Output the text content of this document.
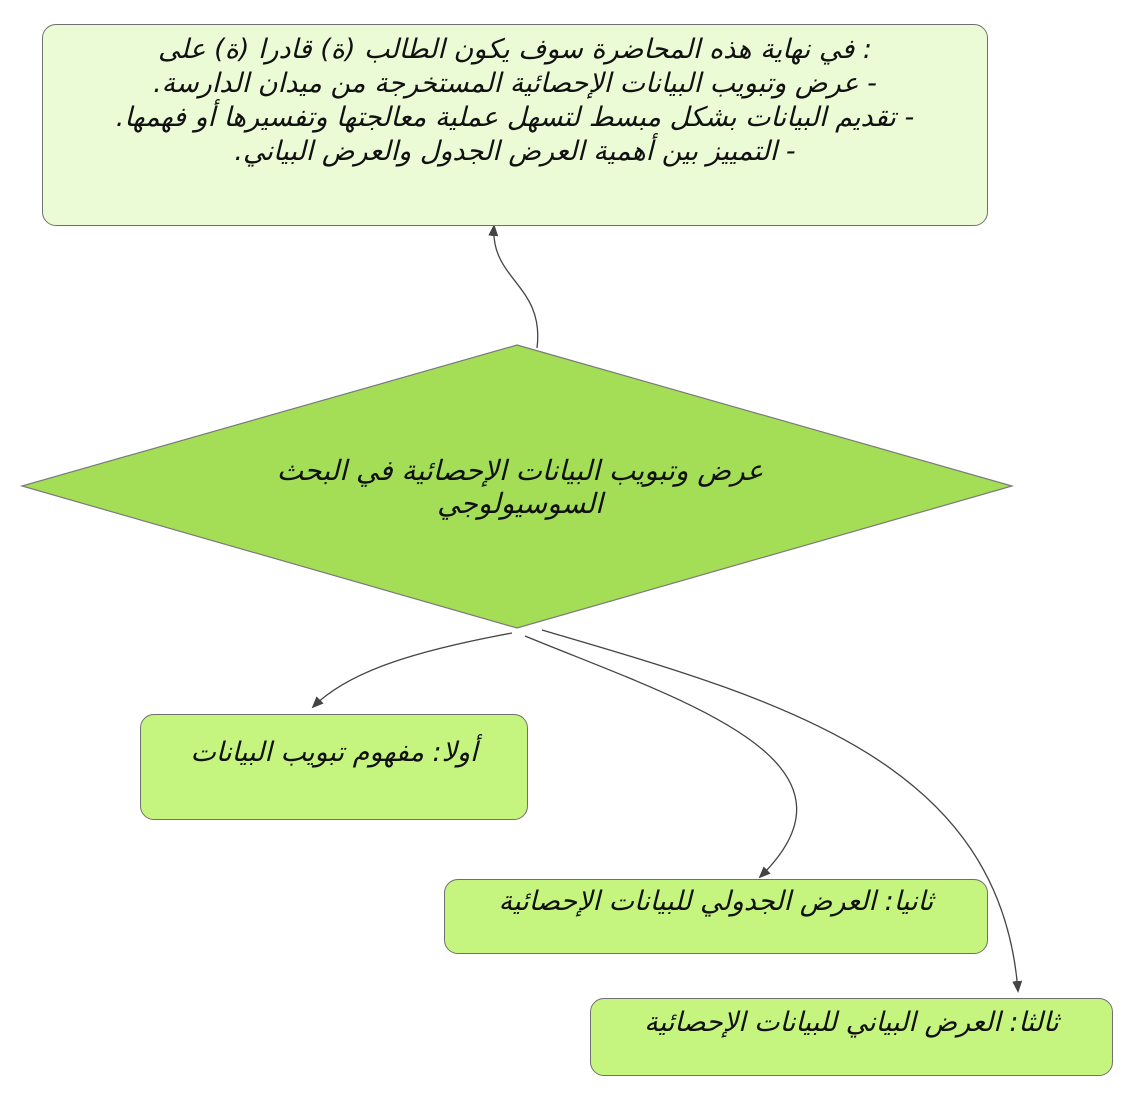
: في نهاية هذه المحاضرة سوف يكون الطالب (ة) قادرا (ة) على

- عرض وتبويب البيانات الإحصائية المستخرجة من ميدان الدارسة.

- تقديم البيانات بشكل مبسط لتسهل عملية معالجتها وتفسيرها أو فهمها.

- التمييز بين أهمية العرض الجدول والعرض البياني.

عرض وتبويب البيانات الإحصائية في البحث السوسيولوجي
أولا: مفهوم تبويب البيانات
ثانيا: العرض الجدولي للبيانات الإحصائية
ثالثا: العرض البياني للبيانات الإحصائية
